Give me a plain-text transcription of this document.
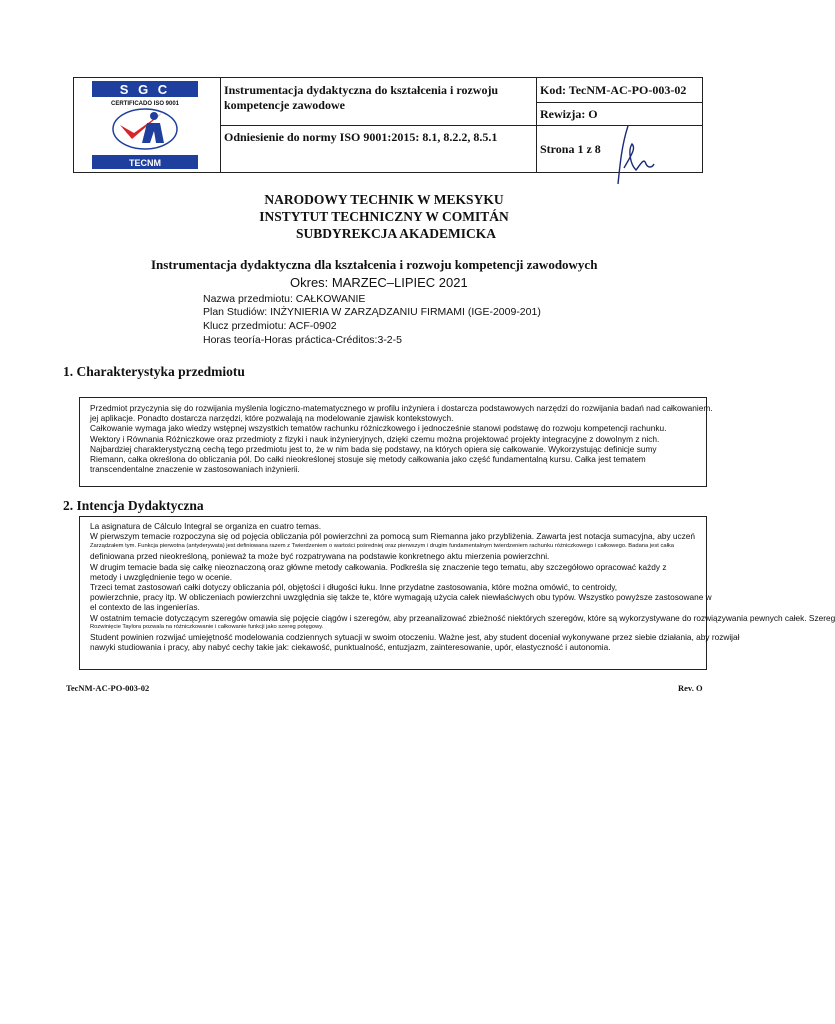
S G C
CERTIFICADO ISO 9001
TECNM
Instrumentacja dydaktyczna do kształcenia i rozwoju kompetencje zawodowe
Odniesienie do normy ISO 9001:2015: 8.1, 8.2.2, 8.5.1
Kod: TecNM-AC-PO-003-02
Rewizja: O
Strona 1 z 8
NARODOWY TECHNIK W MEKSYKU
INSTYTUT TECHNICZNY W COMITÁN
SUBDYREKCJA AKADEMICKA
Instrumentacja dydaktyczna dla kształcenia i rozwoju kompetencji zawodowych
Okres: MARZEC–LIPIEC 2021
Nazwa przedmiotu: CAŁKOWANIE
Plan Studiów: INŻYNIERIA W ZARZĄDZANIU FIRMAMI (IGE-2009-201)
Klucz przedmiotu: ACF-0902
Horas teoría-Horas práctica-Créditos:3-2-5
1. Charakterystyka przedmiotu

Przedmiot przyczynia się do rozwijania myślenia logiczno-matematycznego w profilu inżyniera i dostarcza podstawowych narzędzi do rozwijania badań nad całkowaniem.

jej aplikacje. Ponadto dostarcza narzędzi, które pozwalają na modelowanie zjawisk kontekstowych.

Całkowanie wymaga jako wiedzy wstępnej wszystkich tematów rachunku różniczkowego i jednocześnie stanowi podstawę do rozwoju kompetencji rachunku.

Wektory i Równania Różniczkowe oraz przedmioty z fizyki i nauk inżynieryjnych, dzięki czemu można projektować projekty integracyjne z dowolnym z nich.

Najbardziej charakterystyczną cechą tego przedmiotu jest to, że w nim bada się podstawy, na których opiera się całkowanie. Wykorzystując definicje sumy

Riemann, całka określona do obliczania pól. Do całki nieokreślonej stosuje się metody całkowania jako część fundamentalną kursu. Całka jest tematem

transcendentalne znaczenie w zastosowaniach inżynierii.

2. Intencja Dydaktyczna

La asignatura de Cálculo Integral se organiza en cuatro temas.

W pierwszym temacie rozpoczyna się od pojęcia obliczania pól powierzchni za pomocą sum Riemanna jako przybliżenia. Zawarta jest notacja sumacyjna, aby uczeń

Zarządzałem tym. Funkcja pierwotna (antyderywata) jest definiowana razem z Twierdzeniem o wartości pośredniej oraz pierwszym i drugim fundamentalnym twierdzeniem rachunku różniczkowego i całkowego. Badana jest całka

definiowana przed nieokreśloną, ponieważ ta może być rozpatrywana na podstawie konkretnego aktu mierzenia powierzchni.

W drugim temacie bada się całkę nieoznaczoną oraz główne metody całkowania. Podkreśla się znaczenie tego tematu, aby szczegółowo opracować każdy z

metody i uwzględnienie tego w ocenie.

Trzeci temat zastosowań całki dotyczy obliczania pól, objętości i długości łuku. Inne przydatne zastosowania, które można omówić, to centroidy,

powierzchnie, pracy itp. W obliczeniach powierzchni uwzględnia się także te, które wymagają użycia całek niewłaściwych obu typów. Wszystko powyższe zastosowane w

el contexto de las ingenierías.

W ostatnim temacie dotyczącym szeregów omawia się pojęcie ciągów i szeregów, aby przeanalizować zbieżność niektórych szeregów, które są wykorzystywane do rozwiązywania pewnych całek. Szereg

Rozwinięcie Taylora pozwala na różniczkowanie i całkowanie funkcji jako szereg potęgowy.

Student powinien rozwijać umiejętność modelowania codziennych sytuacji w swoim otoczeniu. Ważne jest, aby student doceniał wykonywane przez siebie działania, aby rozwijał

nawyki studiowania i pracy, aby nabyć cechy takie jak: ciekawość, punktualność, entuzjazm, zainteresowanie, upór, elastyczność i autonomia.

TecNM-AC-PO-003-02	Rev. O
